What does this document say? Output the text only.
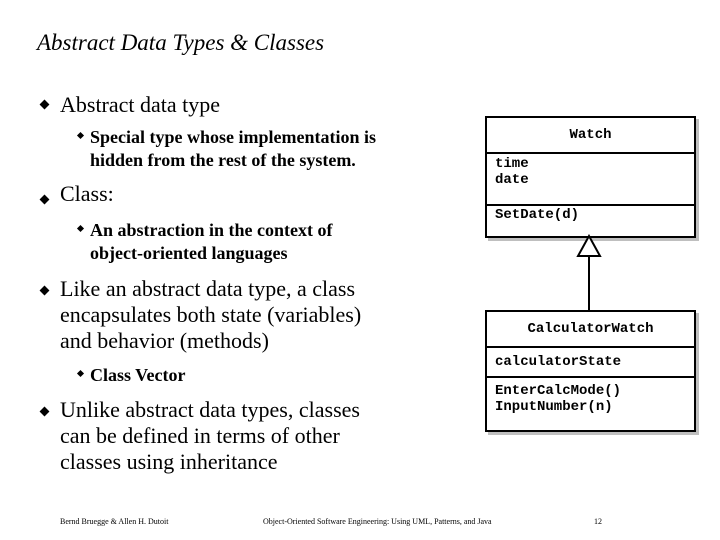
Abstract Data Types & Classes
Abstract data type
Special type whose implementation is
hidden from the rest of the system.
Class:
An abstraction in the context of
object-oriented languages
Like an abstract data type, a class
encapsulates both state (variables)
and behavior (methods)
Class Vector
Unlike abstract data types, classes
can be defined in terms of other
classes using inheritance
Watch
time
date
SetDate(d)
CalculatorWatch
calculatorState
EnterCalcMode()
InputNumber(n)
Bernd Bruegge & Allen H. Dutoit	Object-Oriented Software Engineering: Using UML, Patterns, and Java	12
